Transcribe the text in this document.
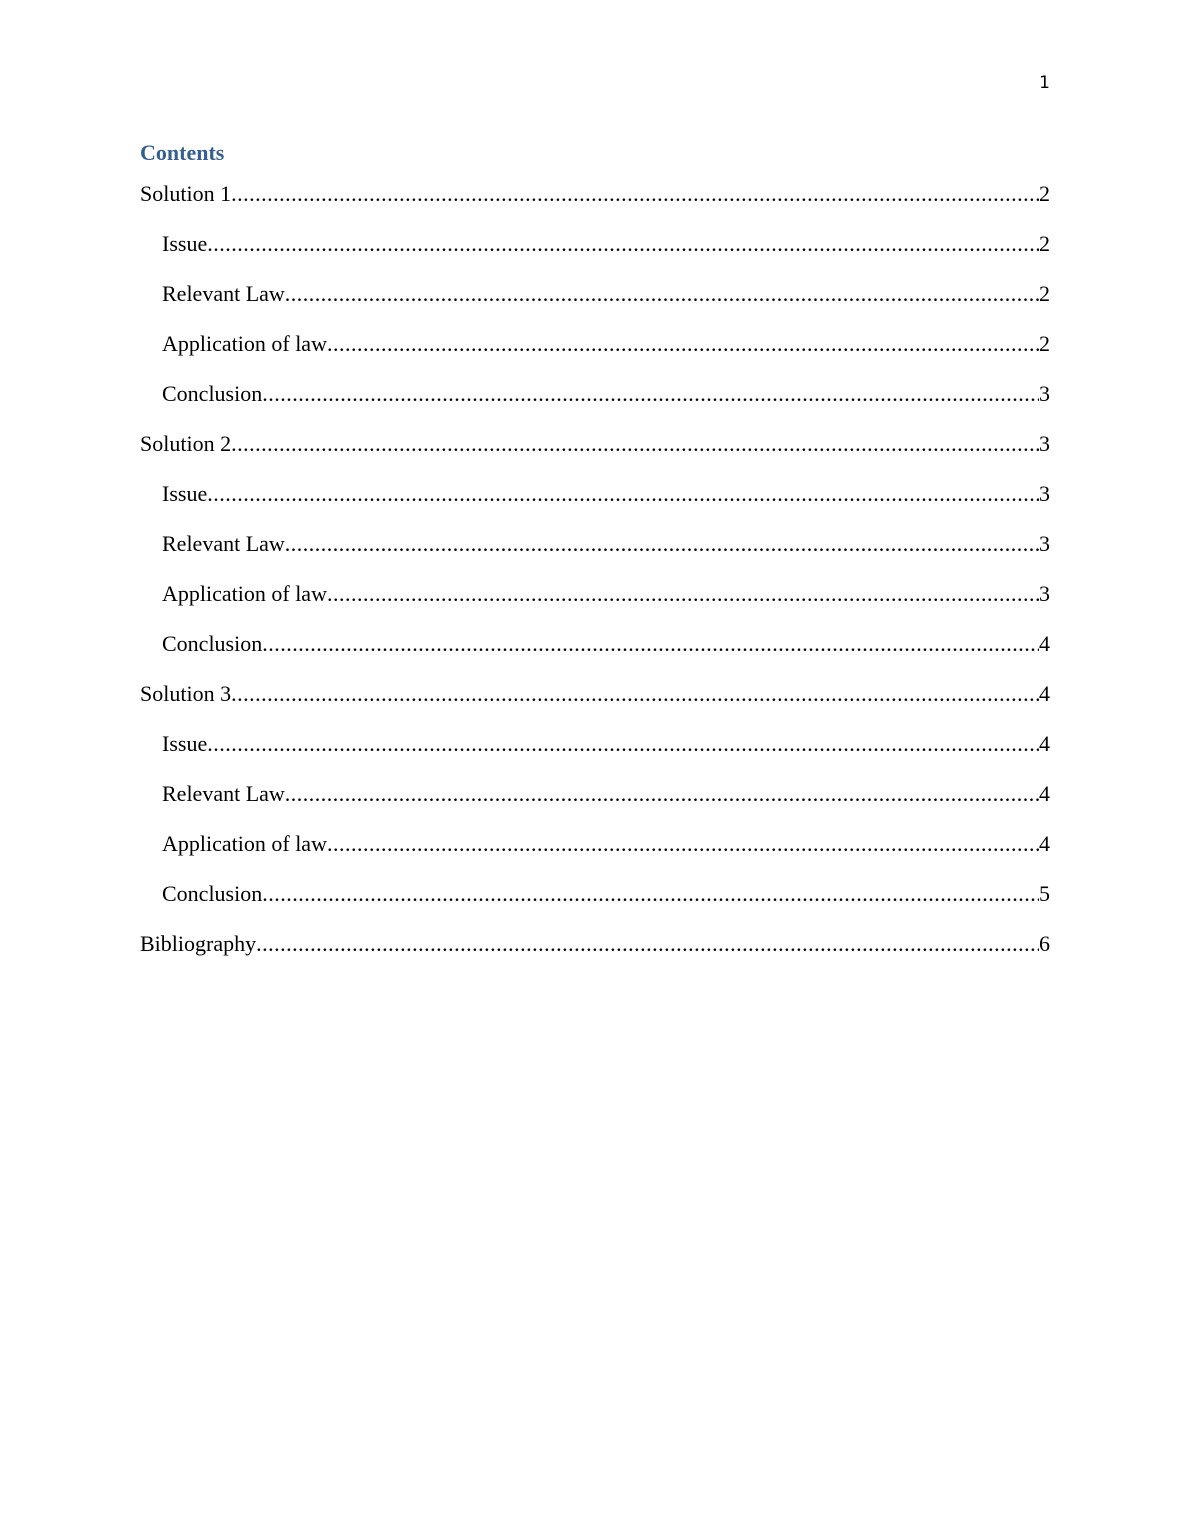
1
Contents
Solution 1 .....	2
Issue .....	2
Relevant Law .....	2
Application of law .....	2
Conclusion .....	3
Solution 2 .....	3
Issue .....	3
Relevant Law .....	3
Application of law .....	3
Conclusion .....	4
Solution 3 .....	4
Issue .....	4
Relevant Law .....	4
Application of law .....	4
Conclusion .....	5
Bibliography .....	6
